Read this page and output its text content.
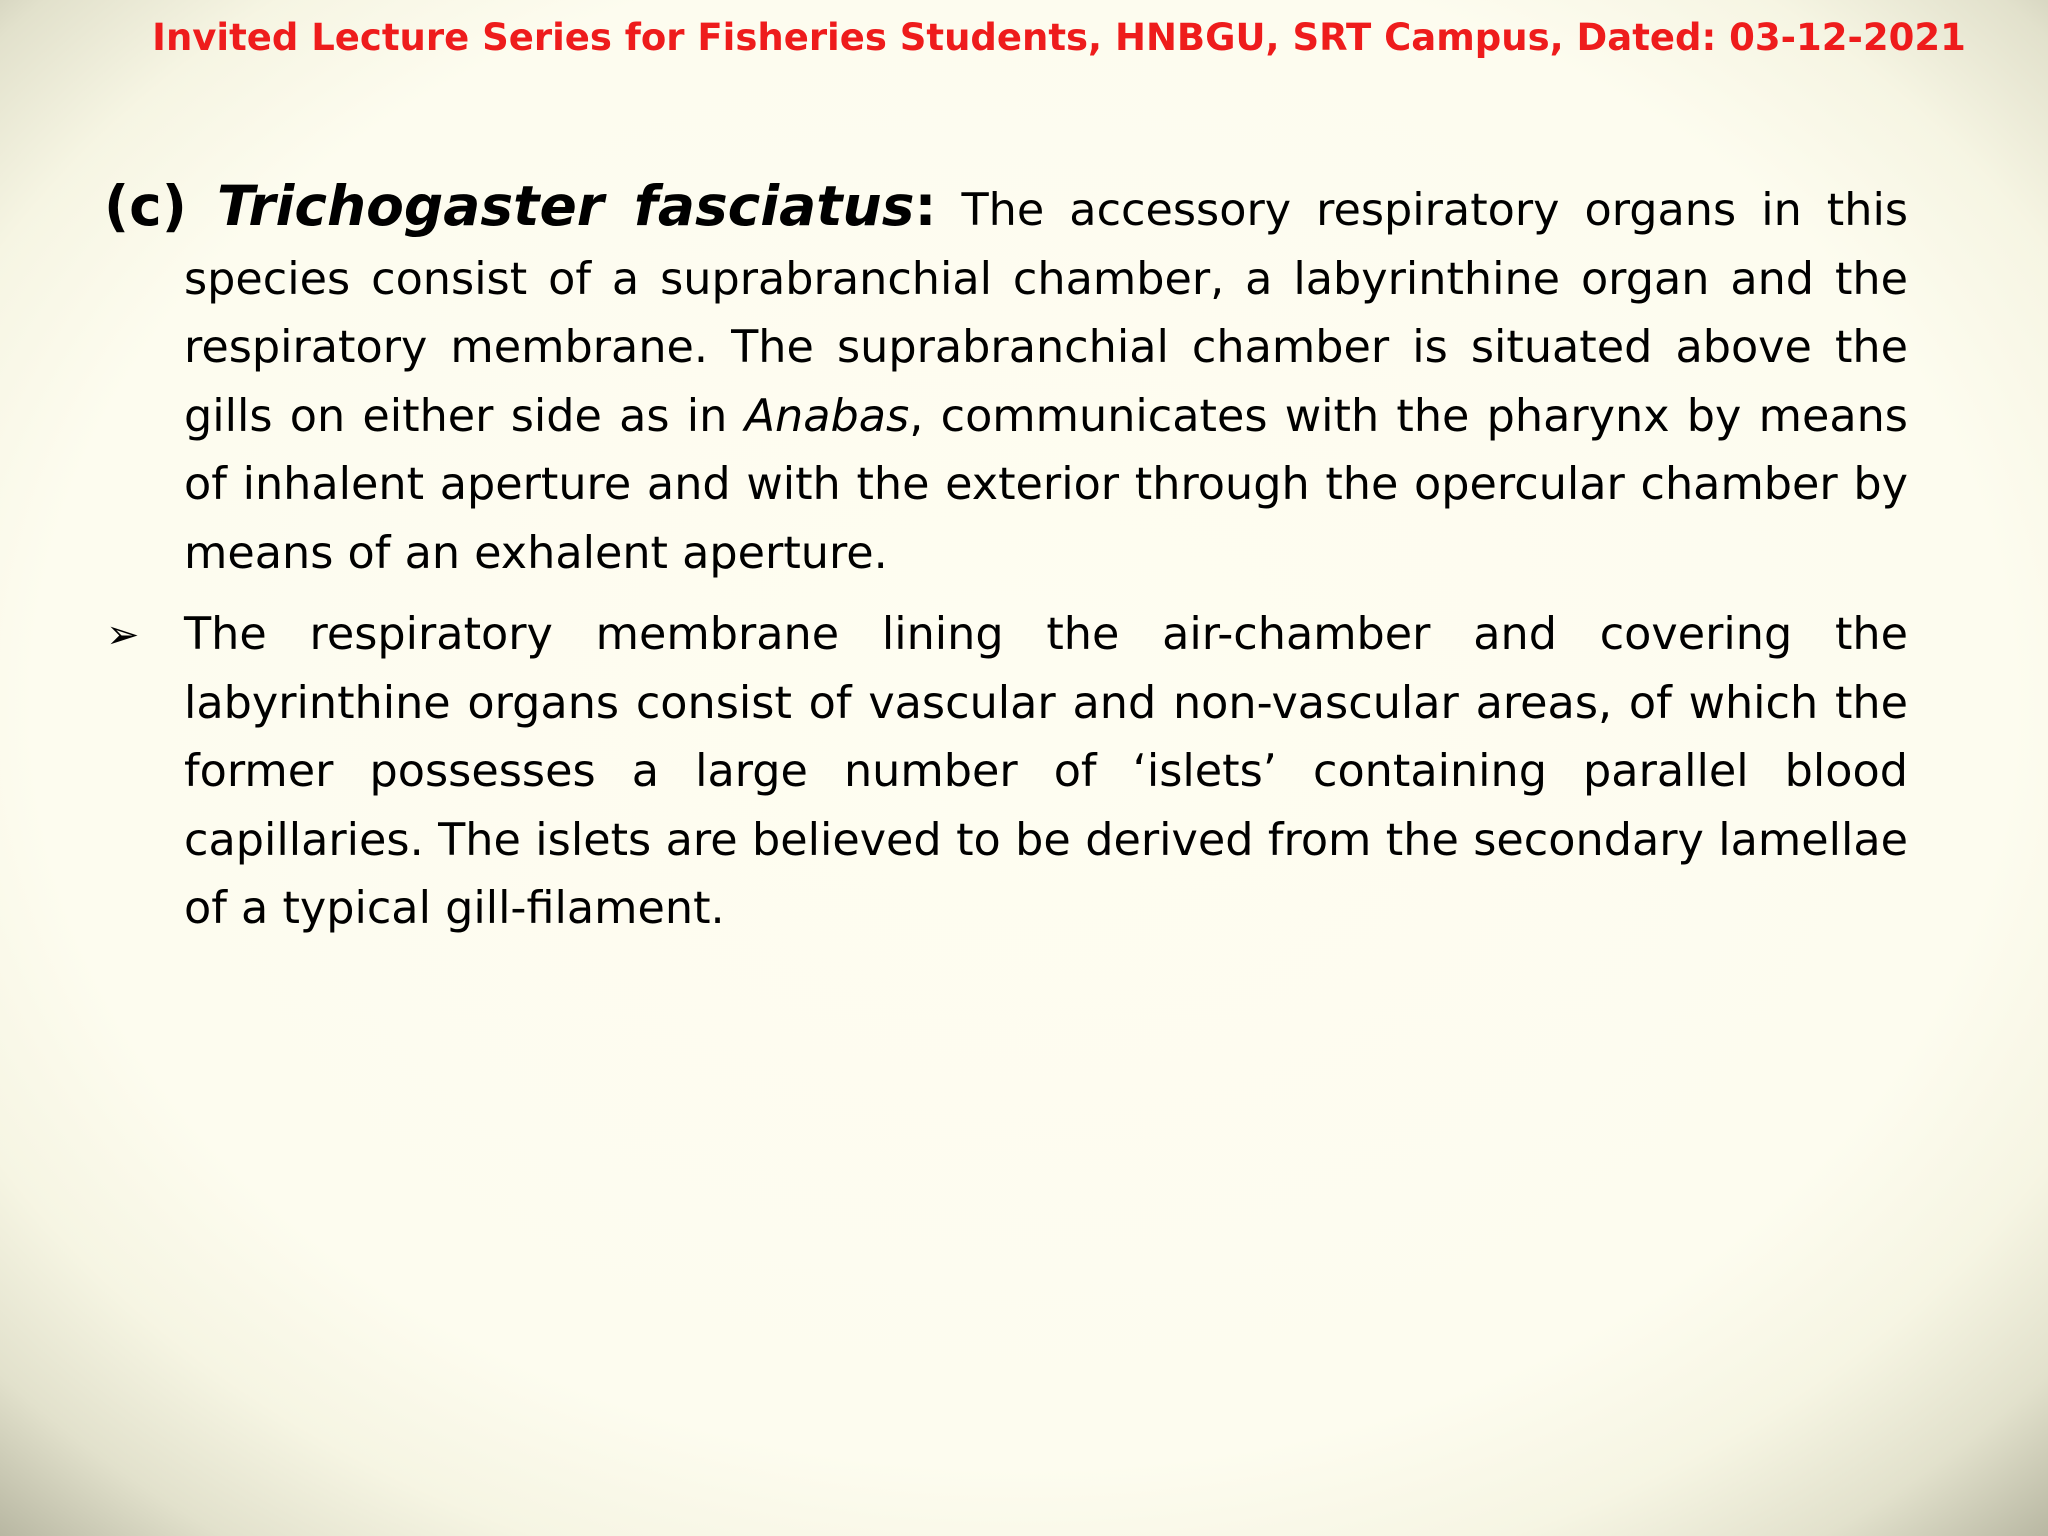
Invited Lecture Series for Fisheries Students, HNBGU, SRT Campus, Dated: 03-12-2021

(c) Trichogaster fasciatus: The accessory respiratory organs in this species consist of a suprabranchial chamber, a labyrinthine organ and the respiratory membrane. The suprabranchial chamber is situated above the gills on either side as in Anabas, communicates with the pharynx by means of inhalent aperture and with the exterior through the opercular chamber by means of an exhalent aperture.

➢ The respiratory membrane lining the air-chamber and covering the labyrinthine organs consist of vascular and non-vascular areas, of which the former possesses a large number of ‘islets’ containing parallel blood capillaries. The islets are believed to be derived from the secondary lamellae of a typical gill-filament.
